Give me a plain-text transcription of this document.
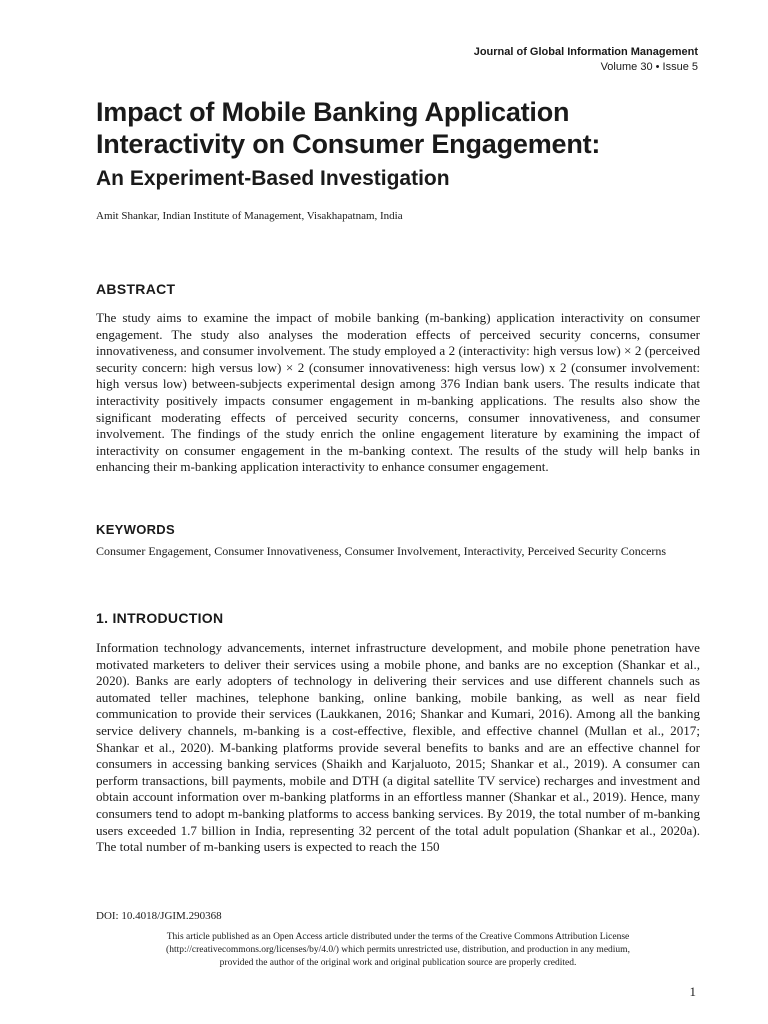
Journal of Global Information Management
Volume 30 • Issue 5
Impact of Mobile Banking Application Interactivity on Consumer Engagement:
An Experiment-Based Investigation
Amit Shankar, Indian Institute of Management, Visakhapatnam, India
ABSTRACT

The study aims to examine the impact of mobile banking (m-banking) application interactivity on consumer engagement. The study also analyses the moderation effects of perceived security concerns, consumer innovativeness, and consumer involvement. The study employed a 2 (interactivity: high versus low) × 2 (perceived security concern: high versus low) × 2 (consumer innovativeness: high versus low) x 2 (consumer involvement: high versus low) between-subjects experimental design among 376 Indian bank users. The results indicate that interactivity positively impacts consumer engagement in m-banking applications. The results also show the significant moderating effects of perceived security concerns, consumer innovativeness, and consumer involvement. The findings of the study enrich the online engagement literature by examining the impact of interactivity on consumer engagement in the m-banking context. The results of the study will help banks in enhancing their m-banking application interactivity to enhance consumer engagement.

KEYWORDS

Consumer Engagement, Consumer Innovativeness, Consumer Involvement, Interactivity, Perceived Security Concerns

1. INTRODUCTION

Information technology advancements, internet infrastructure development, and mobile phone penetration have motivated marketers to deliver their services using a mobile phone, and banks are no exception (Shankar et al., 2020). Banks are early adopters of technology in delivering their services and use different channels such as automated teller machines, telephone banking, online banking, mobile banking, as well as near field communication to provide their services (Laukkanen, 2016; Shankar and Kumari, 2016). Among all the banking service delivery channels, m-banking is a cost-effective, flexible, and effective channel (Mullan et al., 2017; Shankar et al., 2020). M-banking platforms provide several benefits to banks and are an effective channel for consumers in accessing banking services (Shaikh and Karjaluoto, 2015; Shankar et al., 2019). A consumer can perform transactions, bill payments, mobile and DTH (a digital satellite TV service) recharges and investment and obtain account information over m-banking platforms in an effortless manner (Shankar et al., 2019). Hence, many consumers tend to adopt m-banking platforms to access banking services. By 2019, the total number of m-banking users exceeded 1.7 billion in India, representing 32 percent of the total adult population (Shankar et al., 2020a). The total number of m-banking users is expected to reach the 150

DOI: 10.4018/JGIM.290368
This article published as an Open Access article distributed under the terms of the Creative Commons Attribution License
(http://creativecommons.org/licenses/by/4.0/) which permits unrestricted use, distribution, and production in any medium,
provided the author of the original work and original publication source are properly credited.
1
